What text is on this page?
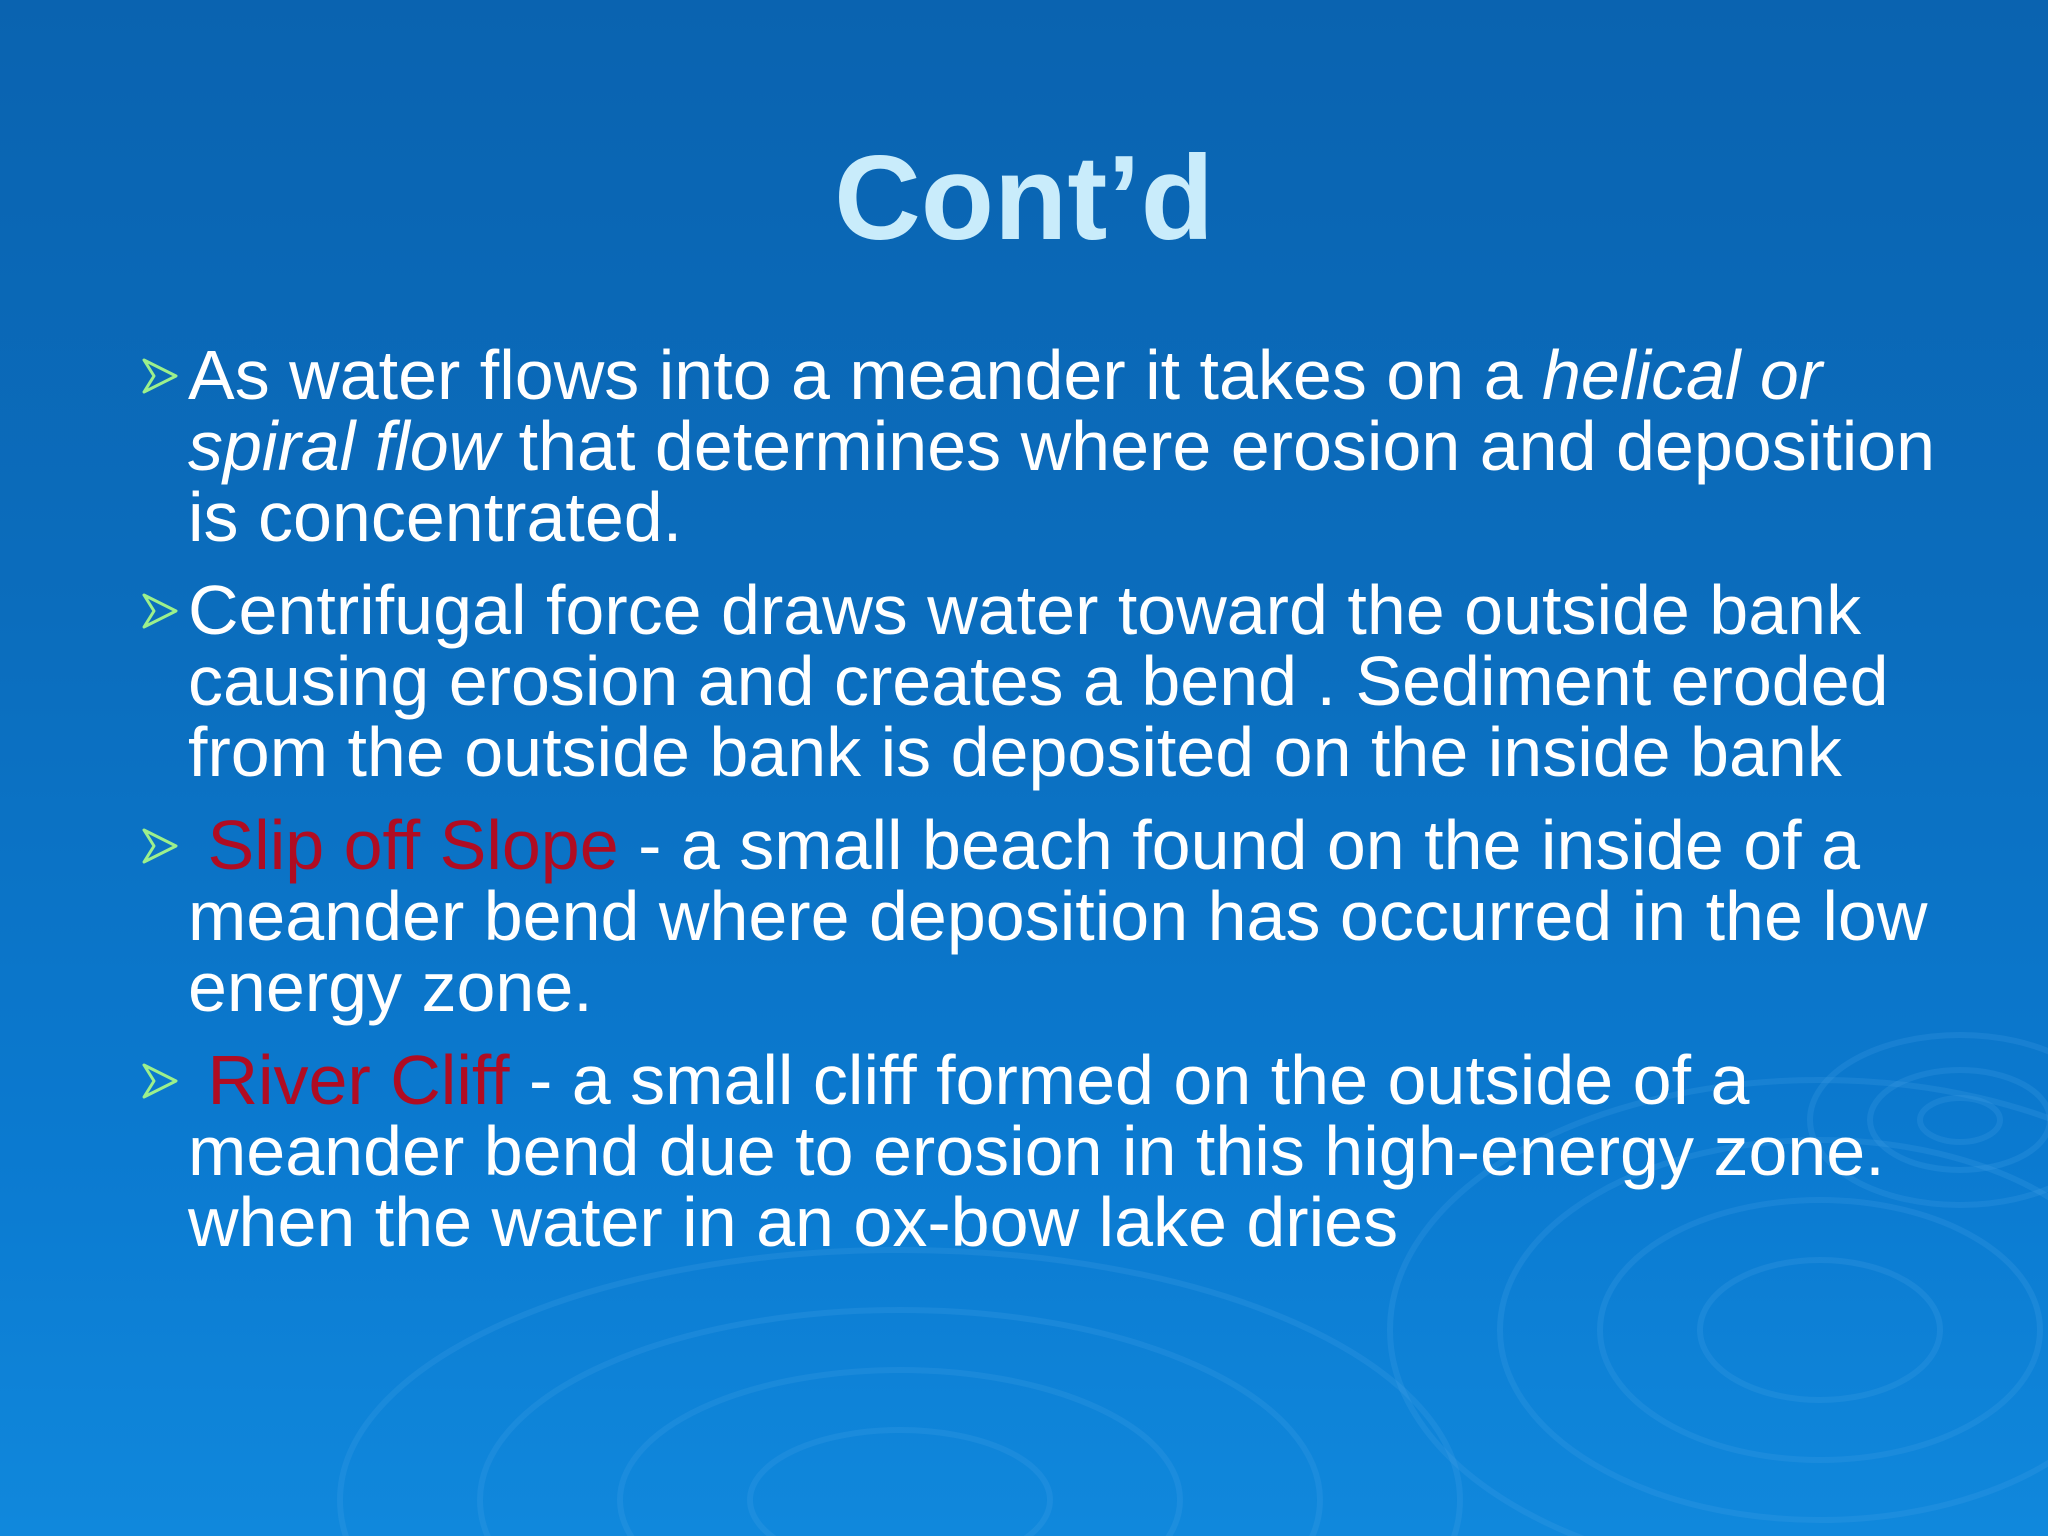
Cont’d
As water flows into a meander it takes on a helical or spiral flow that determines where erosion and deposition is concentrated.
Centrifugal force draws water toward the outside bank causing erosion and creates a bend . Sediment eroded from the outside bank is deposited on the inside bank
Slip off Slope - a small beach found on the inside of a meander bend where deposition has occurred in the low energy zone.
River Cliff - a small cliff formed on the outside of a meander bend due to erosion in this high-energy zone. when the water in an ox-bow lake dries
